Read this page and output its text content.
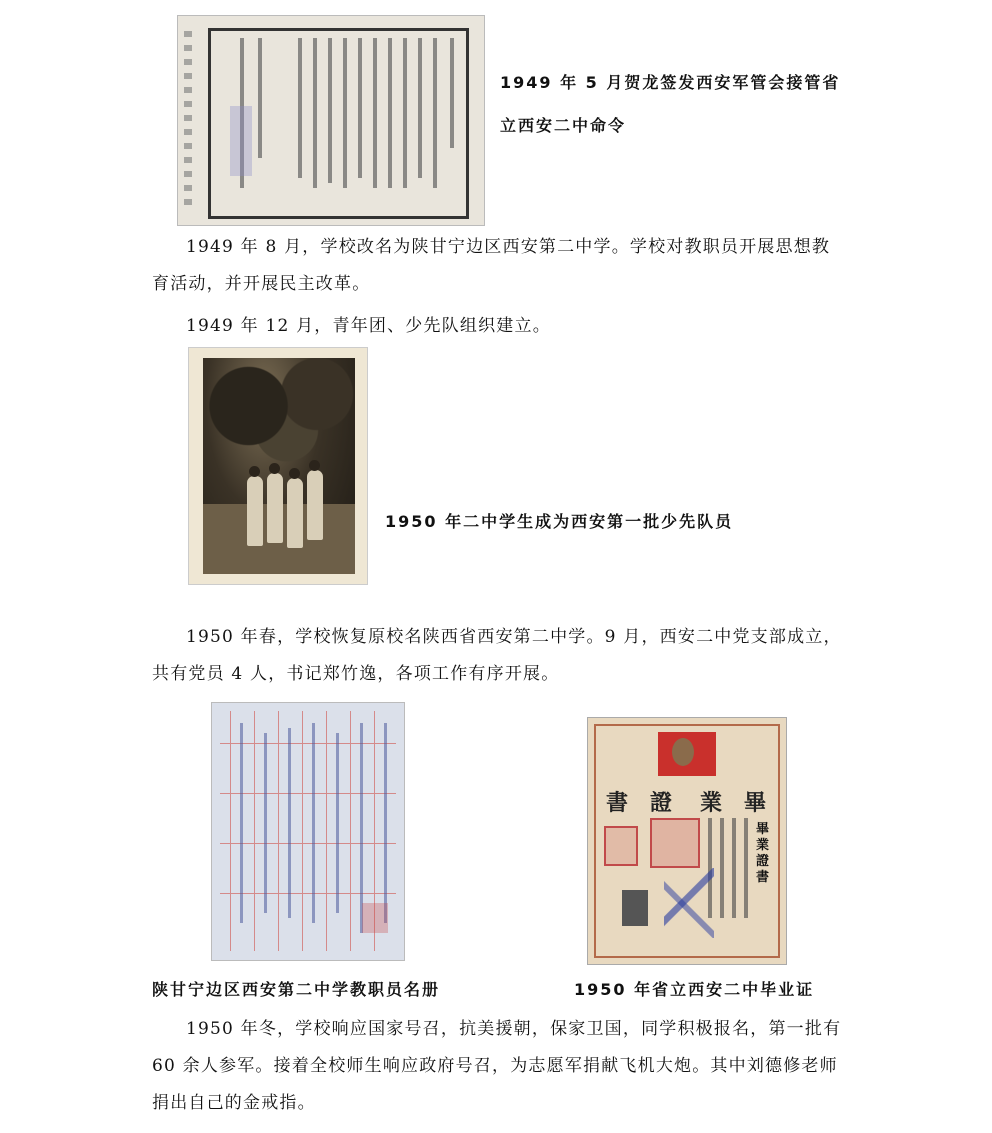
1949 年 5 月贺龙签发西安军管会接管省
立西安二中命令

1949 年 8 月，学校改名为陕甘宁边区西安第二中学。学校对教职员开展思想教育活动，并开展民主改革。

1949 年 12 月，青年团、少先队组织建立。

1950 年二中学生成为西安第一批少先队员

1950 年春，学校恢复原校名陕西省西安第二中学。9 月，西安二中党支部成立，共有党员 4 人，书记郑竹逸，各项工作有序开展。

書 證 業 畢
畢業證書
陕甘宁边区西安第二中学教职员名册	1950 年省立西安二中毕业证

1950 年冬，学校响应国家号召，抗美援朝，保家卫国，同学积极报名，第一批有 60 余人参军。接着全校师生响应政府号召，为志愿军捐献飞机大炮。其中刘德修老师捐出自己的金戒指。
